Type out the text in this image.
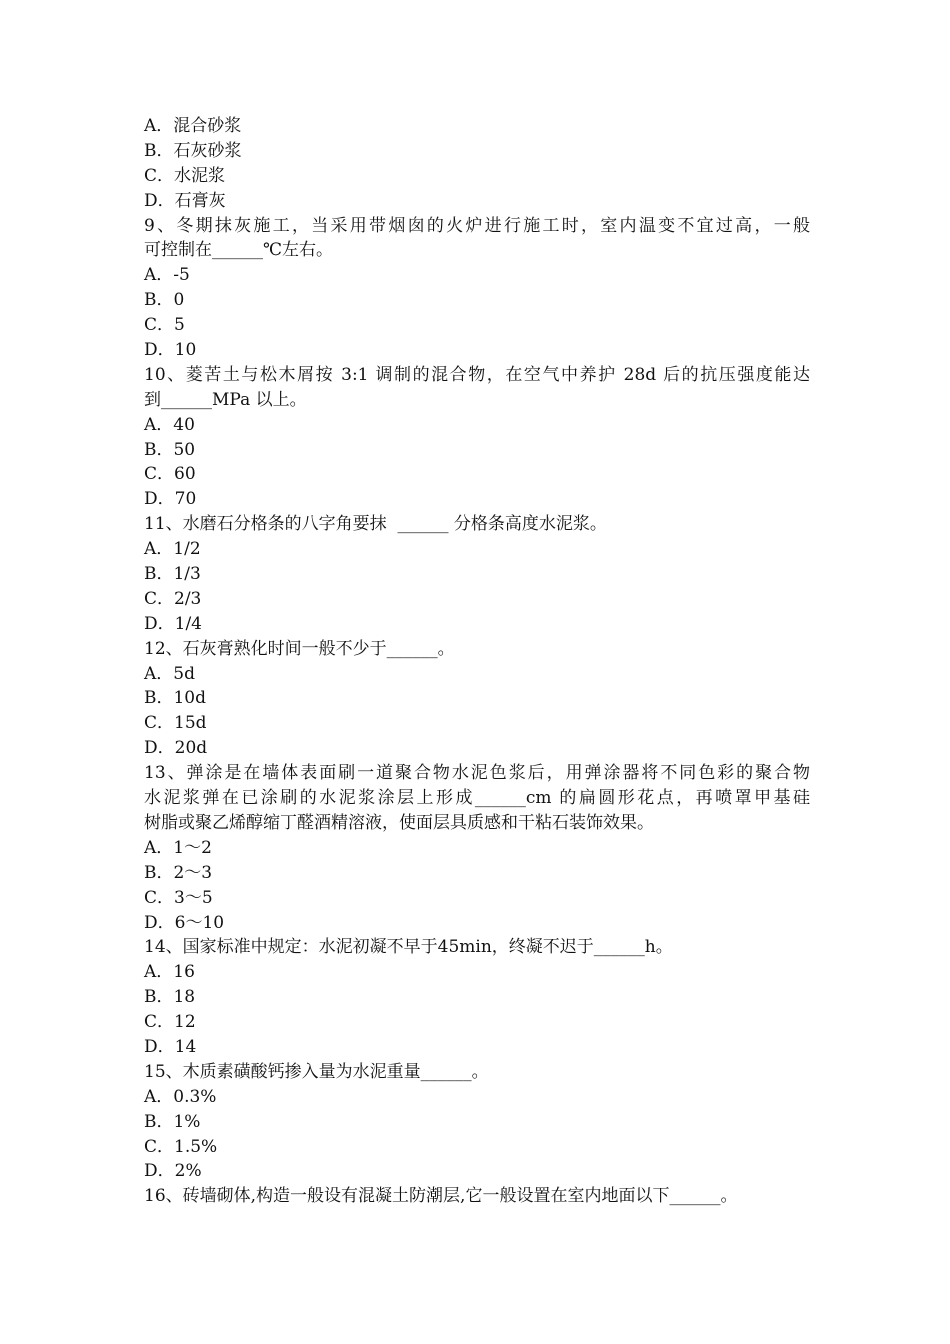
A．混合砂浆
B．石灰砂浆
C．水泥浆
D．石膏灰
9、冬期抹灰施工，当采用带烟囱的火炉进行施工时，室内温变不宜过高，一般
可控制在______℃左右。
A．-5
B．0
C．5
D．10
10、菱苦土与松木屑按 3:1 调制的混合物，在空气中养护 28d 后的抗压强度能达
到______MPa 以上。
A．40
B．50
C．60
D．70
11、水磨石分格条的八字角要抹  ______ 分格条高度水泥浆。
A．1/2
B．1/3
C．2/3
D．1/4
12、石灰膏熟化时间一般不少于______。
A．5d
B．10d
C．15d
D．20d
13、弹涂是在墙体表面刷一道聚合物水泥色浆后，用弹涂器将不同色彩的聚合物
水泥浆弹在已涂刷的水泥浆涂层上形成______cm 的扁圆形花点，再喷罩甲基硅
树脂或聚乙烯醇缩丁醛酒精溶液，使面层具质感和干粘石装饰效果。
A．1～2
B．2～3
C．3～5
D．6～10
14、国家标准中规定：水泥初凝不早于45min，终凝不迟于______h。
A．16
B．18
C．12
D．14
15、木质素磺酸钙掺入量为水泥重量______。
A．0.3%
B．1%
C．1.5%
D．2%
16、砖墙砌体,构造一般设有混凝土防潮层,它一般设置在室内地面以下______。
